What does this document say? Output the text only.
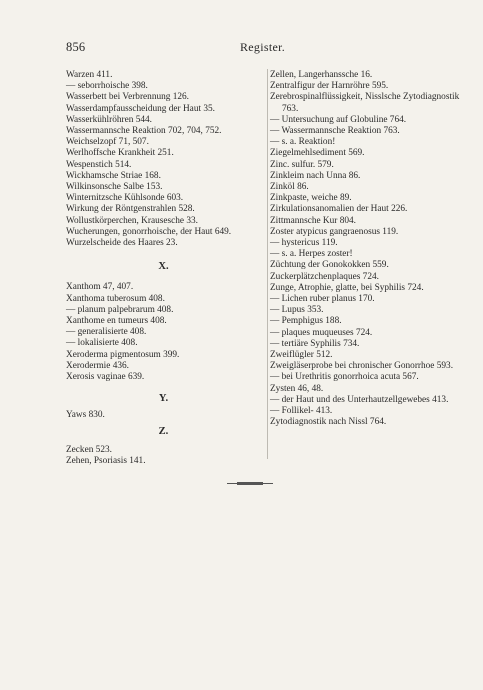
856	Register.
Warzen 411.
— seborrhoische 398.
Wasserbett bei Verbrennung 126.
Wasserdampfausscheidung der Haut 35.
Wasserkühlröhren 544.
Wassermannsche Reaktion 702, 704, 752.
Weichselzopf 71, 507.
Werlhoffsche Krankheit 251.
Wespenstich 514.
Wickhamsche Striae 168.
Wilkinsonsche Salbe 153.
Winternitzsche Kühlsonde 603.
Wirkung der Röntgenstrahlen 528.
Wollustkörperchen, Krausesche 33.
Wucherungen, gonorrhoische, der Haut 649.
Wurzelscheide des Haares 23.
X.
Xanthom 47, 407.
Xanthoma tuberosum 408.
— planum palpebrarum 408.
Xanthome en tumeurs 408.
— generalisierte 408.
— lokalisierte 408.
Xeroderma pigmentosum 399.
Xerodermie 436.
Xerosis vaginae 639.
Y.
Yaws 830.
Z.
Zecken 523.
Zehen, Psoriasis 141.
Zellen, Langerhanssche 16.
Zentralfigur der Harnröhre 595.
Zerebrospinalflüssigkeit, Nisslsche Zytodiagnostik 763.
— Untersuchung auf Globuline 764.
— Wassermannsche Reaktion 763.
— s. a. Reaktion!
Ziegelmehlsediment 569.
Zinc. sulfur. 579.
Zinkleim nach Unna 86.
Zinköl 86.
Zinkpaste, weiche 89.
Zirkulationsanomalien der Haut 226.
Zittmannsche Kur 804.
Zoster atypicus gangraenosus 119.
— hystericus 119.
— s. a. Herpes zoster!
Züchtung der Gonokokken 559.
Zuckerplätzchenplaques 724.
Zunge, Atrophie, glatte, bei Syphilis 724.
— Lichen ruber planus 170.
— Lupus 353.
— Pemphigus 188.
— plaques muqueuses 724.
— tertiäre Syphilis 734.
Zweiflügler 512.
Zweigläserprobe bei chronischer Gonorrhoe 593.
— bei Urethritis gonorrhoica acuta 567.
Zysten 46, 48.
— der Haut und des Unterhautzellgewebes 413.
— Follikel- 413.
Zytodiagnostik nach Nissl 764.
